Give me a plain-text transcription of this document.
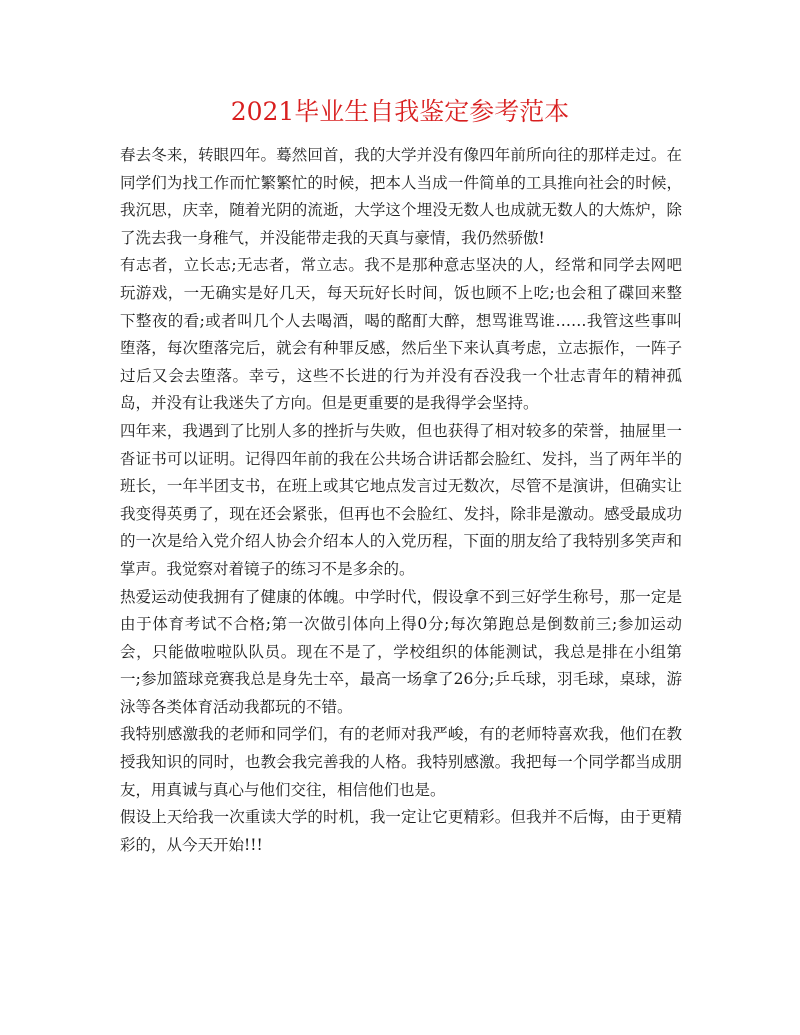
2021毕业生自我鉴定参考范本

春去冬来，转眼四年。蓦然回首，我的大学并没有像四年前所向往的那样走过。在同学们为找工作而忙繁繁忙的时候，把本人当成一件简单的工具推向社会的时候，我沉思，庆幸，随着光阴的流逝，大学这个埋没无数人也成就无数人的大炼炉，除了洗去我一身稚气，并没能带走我的天真与豪情，我仍然骄傲!

有志者，立长志;无志者，常立志。我不是那种意志坚决的人，经常和同学去网吧玩游戏，一无确实是好几天，每天玩好长时间，饭也顾不上吃;也会租了碟回来整下整夜的看;或者叫几个人去喝酒，喝的酩酊大醉，想骂谁骂谁……我管这些事叫堕落，每次堕落完后，就会有种罪反感，然后坐下来认真考虑，立志振作，一阵子过后又会去堕落。幸亏，这些不长进的行为并没有吞没我一个壮志青年的精神孤岛，并没有让我迷失了方向。但是更重要的是我得学会坚持。

四年来，我遇到了比别人多的挫折与失败，但也获得了相对较多的荣誉，抽屉里一沓证书可以证明。记得四年前的我在公共场合讲话都会脸红、发抖，当了两年半的班长，一年半团支书，在班上或其它地点发言过无数次，尽管不是演讲，但确实让我变得英勇了，现在还会紧张，但再也不会脸红、发抖，除非是激动。感受最成功的一次是给入党介绍人协会介绍本人的入党历程，下面的朋友给了我特别多笑声和掌声。我觉察对着镜子的练习不是多余的。

热爱运动使我拥有了健康的体魄。中学时代，假设拿不到三好学生称号，那一定是由于体育考试不合格;第一次做引体向上得0分;每次第跑总是倒数前三;参加运动会，只能做啦啦队队员。现在不是了，学校组织的体能测试，我总是排在小组第一;参加篮球竞赛我总是身先士卒，最高一场拿了26分;乒乓球，羽毛球，桌球，游泳等各类体育活动我都玩的不错。

我特别感激我的老师和同学们，有的老师对我严峻，有的老师特喜欢我，他们在教授我知识的同时，也教会我完善我的人格。我特别感激。我把每一个同学都当成朋友，用真诚与真心与他们交往，相信他们也是。

假设上天给我一次重读大学的时机，我一定让它更精彩。但我并不后悔，由于更精彩的，从今天开始!!!
